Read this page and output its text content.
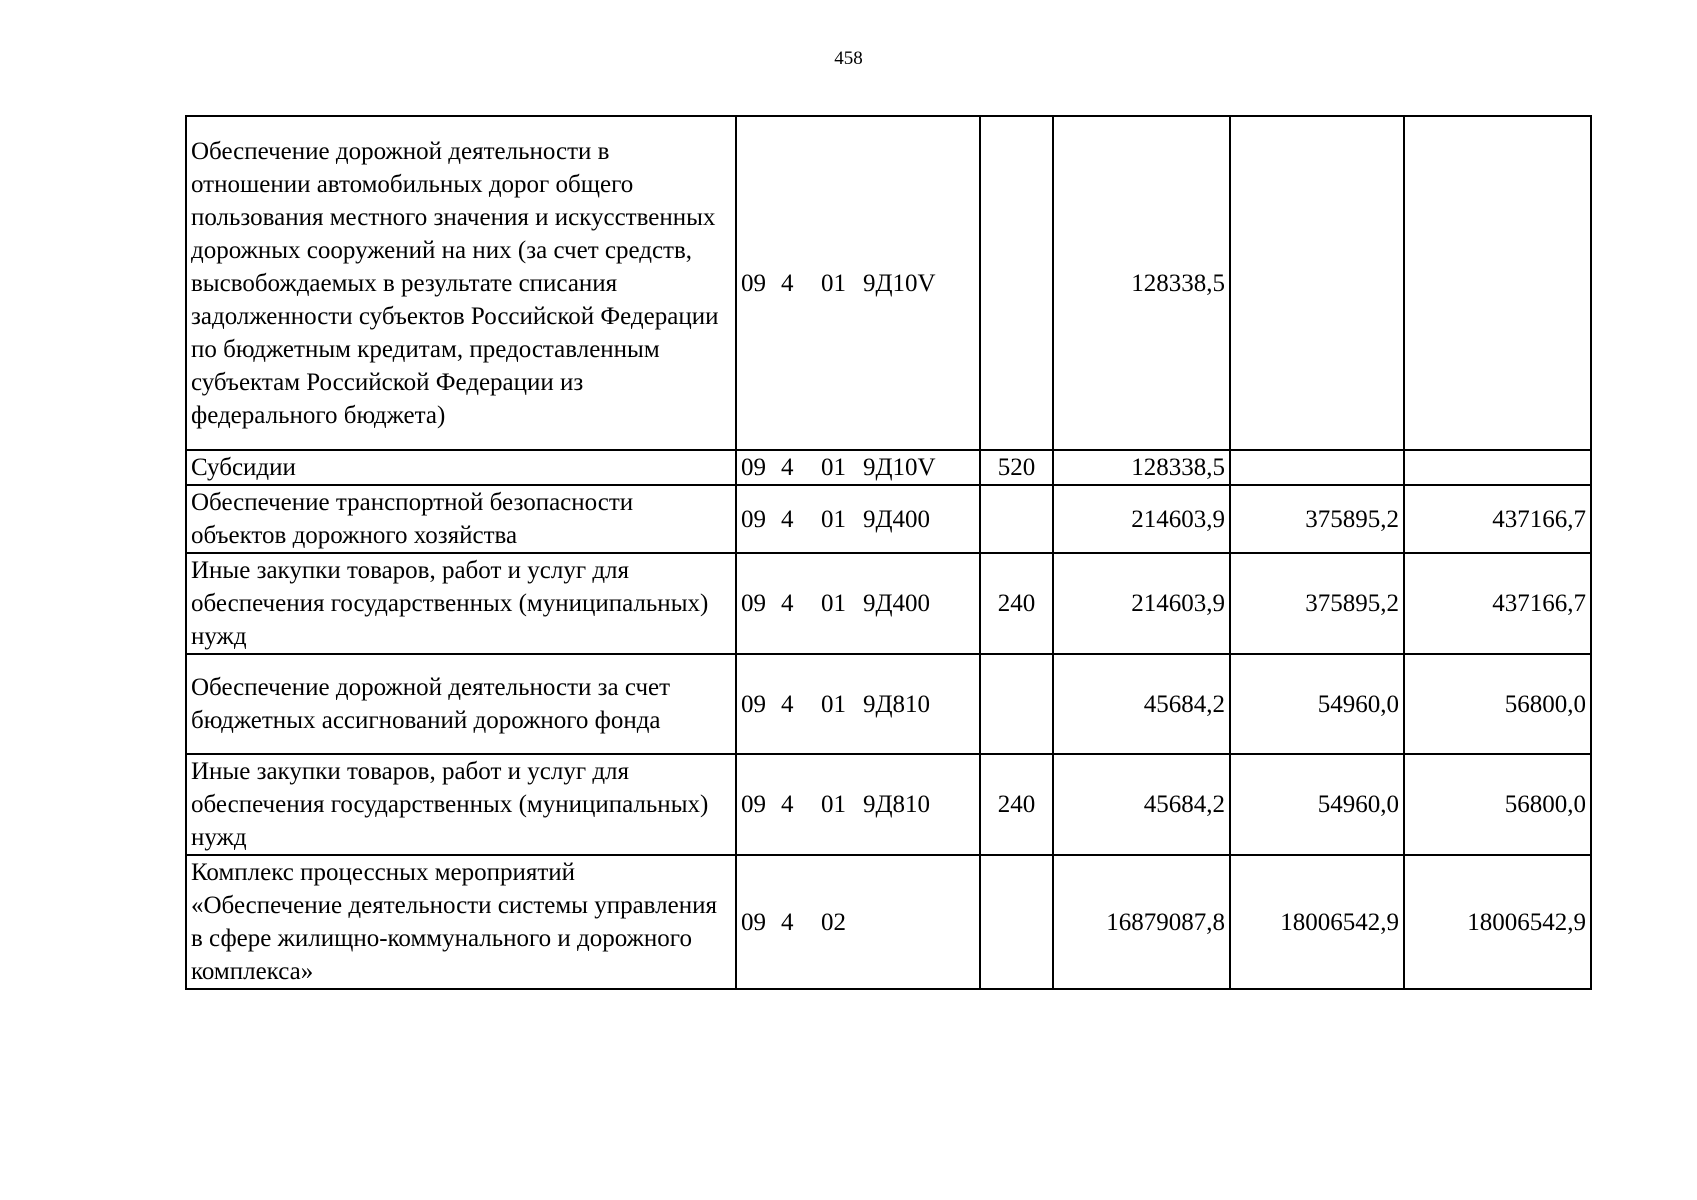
458
Обеспечение дорожной деятельности в отношении автомобильных дорог общего пользования местного значения и искусственных дорожных сооружений на них (за счет средств, высвобождаемых в результате списания задолженности субъектов Российской Федерации по бюджетным кредитам, предоставленным субъектам Российской Федерации из федерального бюджета)	09 4 01 9Д10V		128338,5		
Субсидии	09 4 01 9Д10V	520	128338,5		
Обеспечение транспортной безопасности объектов дорожного хозяйства	09 4 01 9Д400		214603,9	375895,2	437166,7
Иные закупки товаров, работ и услуг для обеспечения государственных (муниципальных) нужд	09 4 01 9Д400	240	214603,9	375895,2	437166,7
Обеспечение дорожной деятельности за счет бюджетных ассигнований дорожного фонда	09 4 01 9Д810		45684,2	54960,0	56800,0
Иные закупки товаров, работ и услуг для обеспечения государственных (муниципальных) нужд	09 4 01 9Д810	240	45684,2	54960,0	56800,0
Комплекс процессных мероприятий «Обеспечение деятельности системы управления в сфере жилищно-коммунального и дорожного комплекса»	09 4 02		16879087,8	18006542,9	18006542,9
